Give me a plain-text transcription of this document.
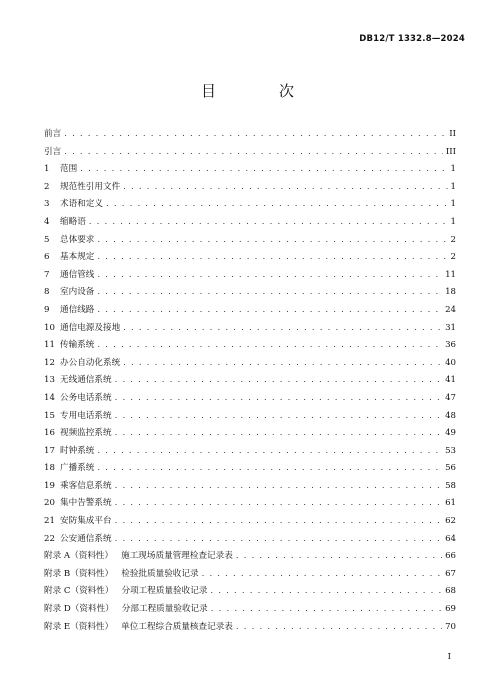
DB12/T 1332.8—2024
目　次
前言 . . .	II
引言 . . .	III
1	范围 . . .	1
2	规范性引用文件 . . .	1
3	术语和定义 . . .	1
4	缩略语 . . .	1
5	总体要求 . . .	2
6	基本规定 . . .	2
7	通信管线 . . .	11
8	室内设备 . . .	18
9	通信线路 . . .	24
10 通信电源及接地 . . .	31
11 传输系统 . . .	36
12 办公自动化系统 . . .	40
13 无线通信系统 . . .	41
14 公务电话系统 . . .	47
15 专用电话系统 . . .	48
16 视频监控系统 . . .	49
17 时钟系统 . . .	53
18 广播系统 . . .	56
19 乘客信息系统 . . .	58
20 集中告警系统 . . .	61
21 安防集成平台 . . .	62
22 公安通信系统 . . .	64
附录 A（资料性） 施工现场质量管理检查记录表 . . .	66
附录 B（资料性） 检验批质量验收记录 . . .	67
附录 C（资料性） 分项工程质量验收记录 . . .	68
附录 D（资料性） 分部工程质量验收记录 . . .	69
附录 E（资料性） 单位工程综合质量核查记录表 . . .	70
I
